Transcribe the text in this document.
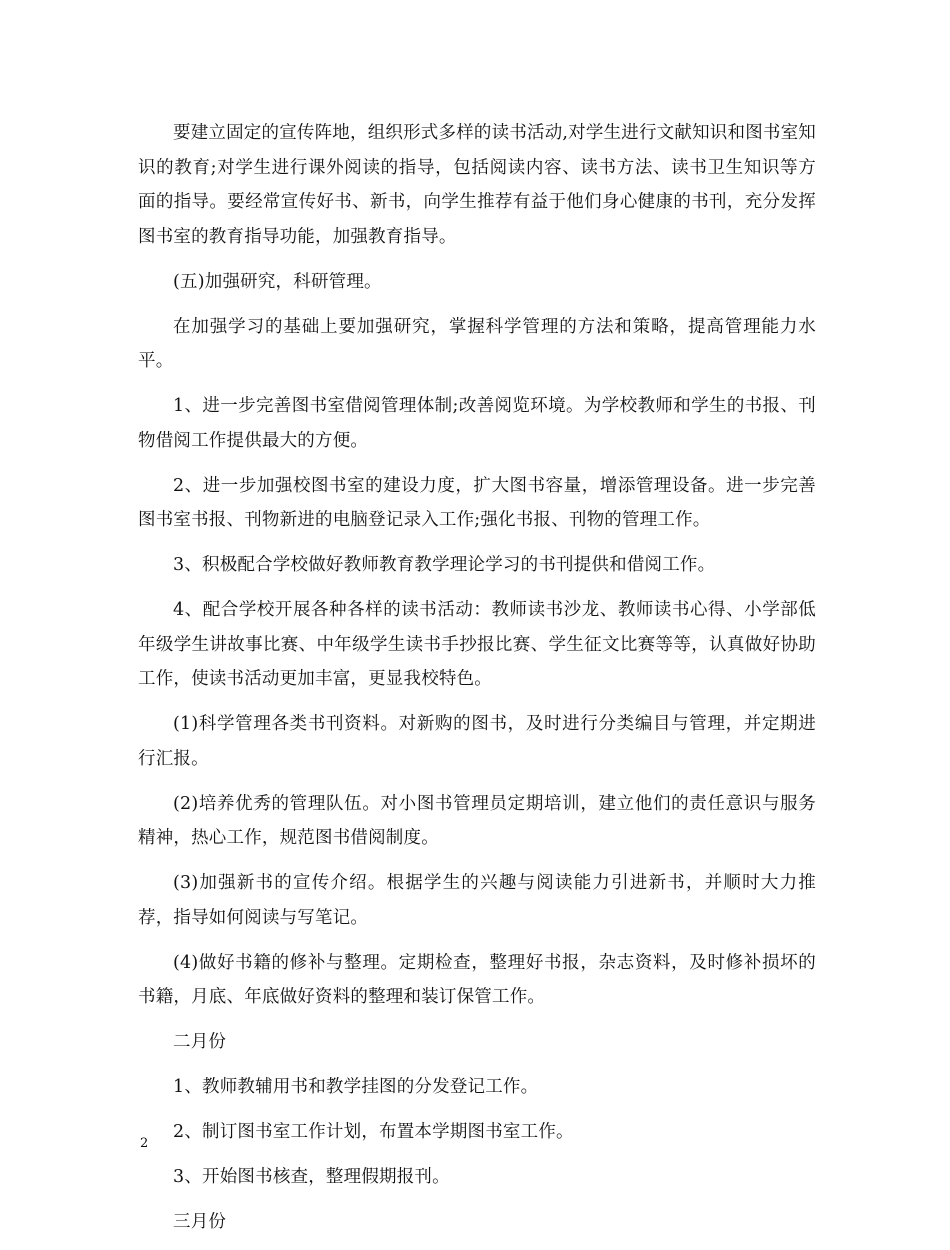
要建立固定的宣传阵地，组织形式多样的读书活动,对学生进行文献知识和图书室知识的教育;对学生进行课外阅读的指导，包括阅读内容、读书方法、读书卫生知识等方面的指导。要经常宣传好书、新书，向学生推荐有益于他们身心健康的书刊，充分发挥图书室的教育指导功能，加强教育指导。

(五)加强研究，科研管理。

在加强学习的基础上要加强研究，掌握科学管理的方法和策略，提高管理能力水平。

1、进一步完善图书室借阅管理体制;改善阅览环境。为学校教师和学生的书报、刊物借阅工作提供最大的方便。

2、进一步加强校图书室的建设力度，扩大图书容量，增添管理设备。进一步完善图书室书报、刊物新进的电脑登记录入工作;强化书报、刊物的管理工作。

3、积极配合学校做好教师教育教学理论学习的书刊提供和借阅工作。

4、配合学校开展各种各样的读书活动：教师读书沙龙、教师读书心得、小学部低年级学生讲故事比赛、中年级学生读书手抄报比赛、学生征文比赛等等，认真做好协助工作，使读书活动更加丰富，更显我校特色。

(1)科学管理各类书刊资料。对新购的图书，及时进行分类编目与管理，并定期进行汇报。

(2)培养优秀的管理队伍。对小图书管理员定期培训，建立他们的责任意识与服务精神，热心工作，规范图书借阅制度。

(3)加强新书的宣传介绍。根据学生的兴趣与阅读能力引进新书，并顺时大力推荐，指导如何阅读与写笔记。

(4)做好书籍的修补与整理。定期检查，整理好书报，杂志资料，及时修补损坏的书籍，月底、年底做好资料的整理和装订保管工作。

二月份

1、教师教辅用书和教学挂图的分发登记工作。

2、制订图书室工作计划，布置本学期图书室工作。

3、开始图书核查，整理假期报刊。

三月份

2
